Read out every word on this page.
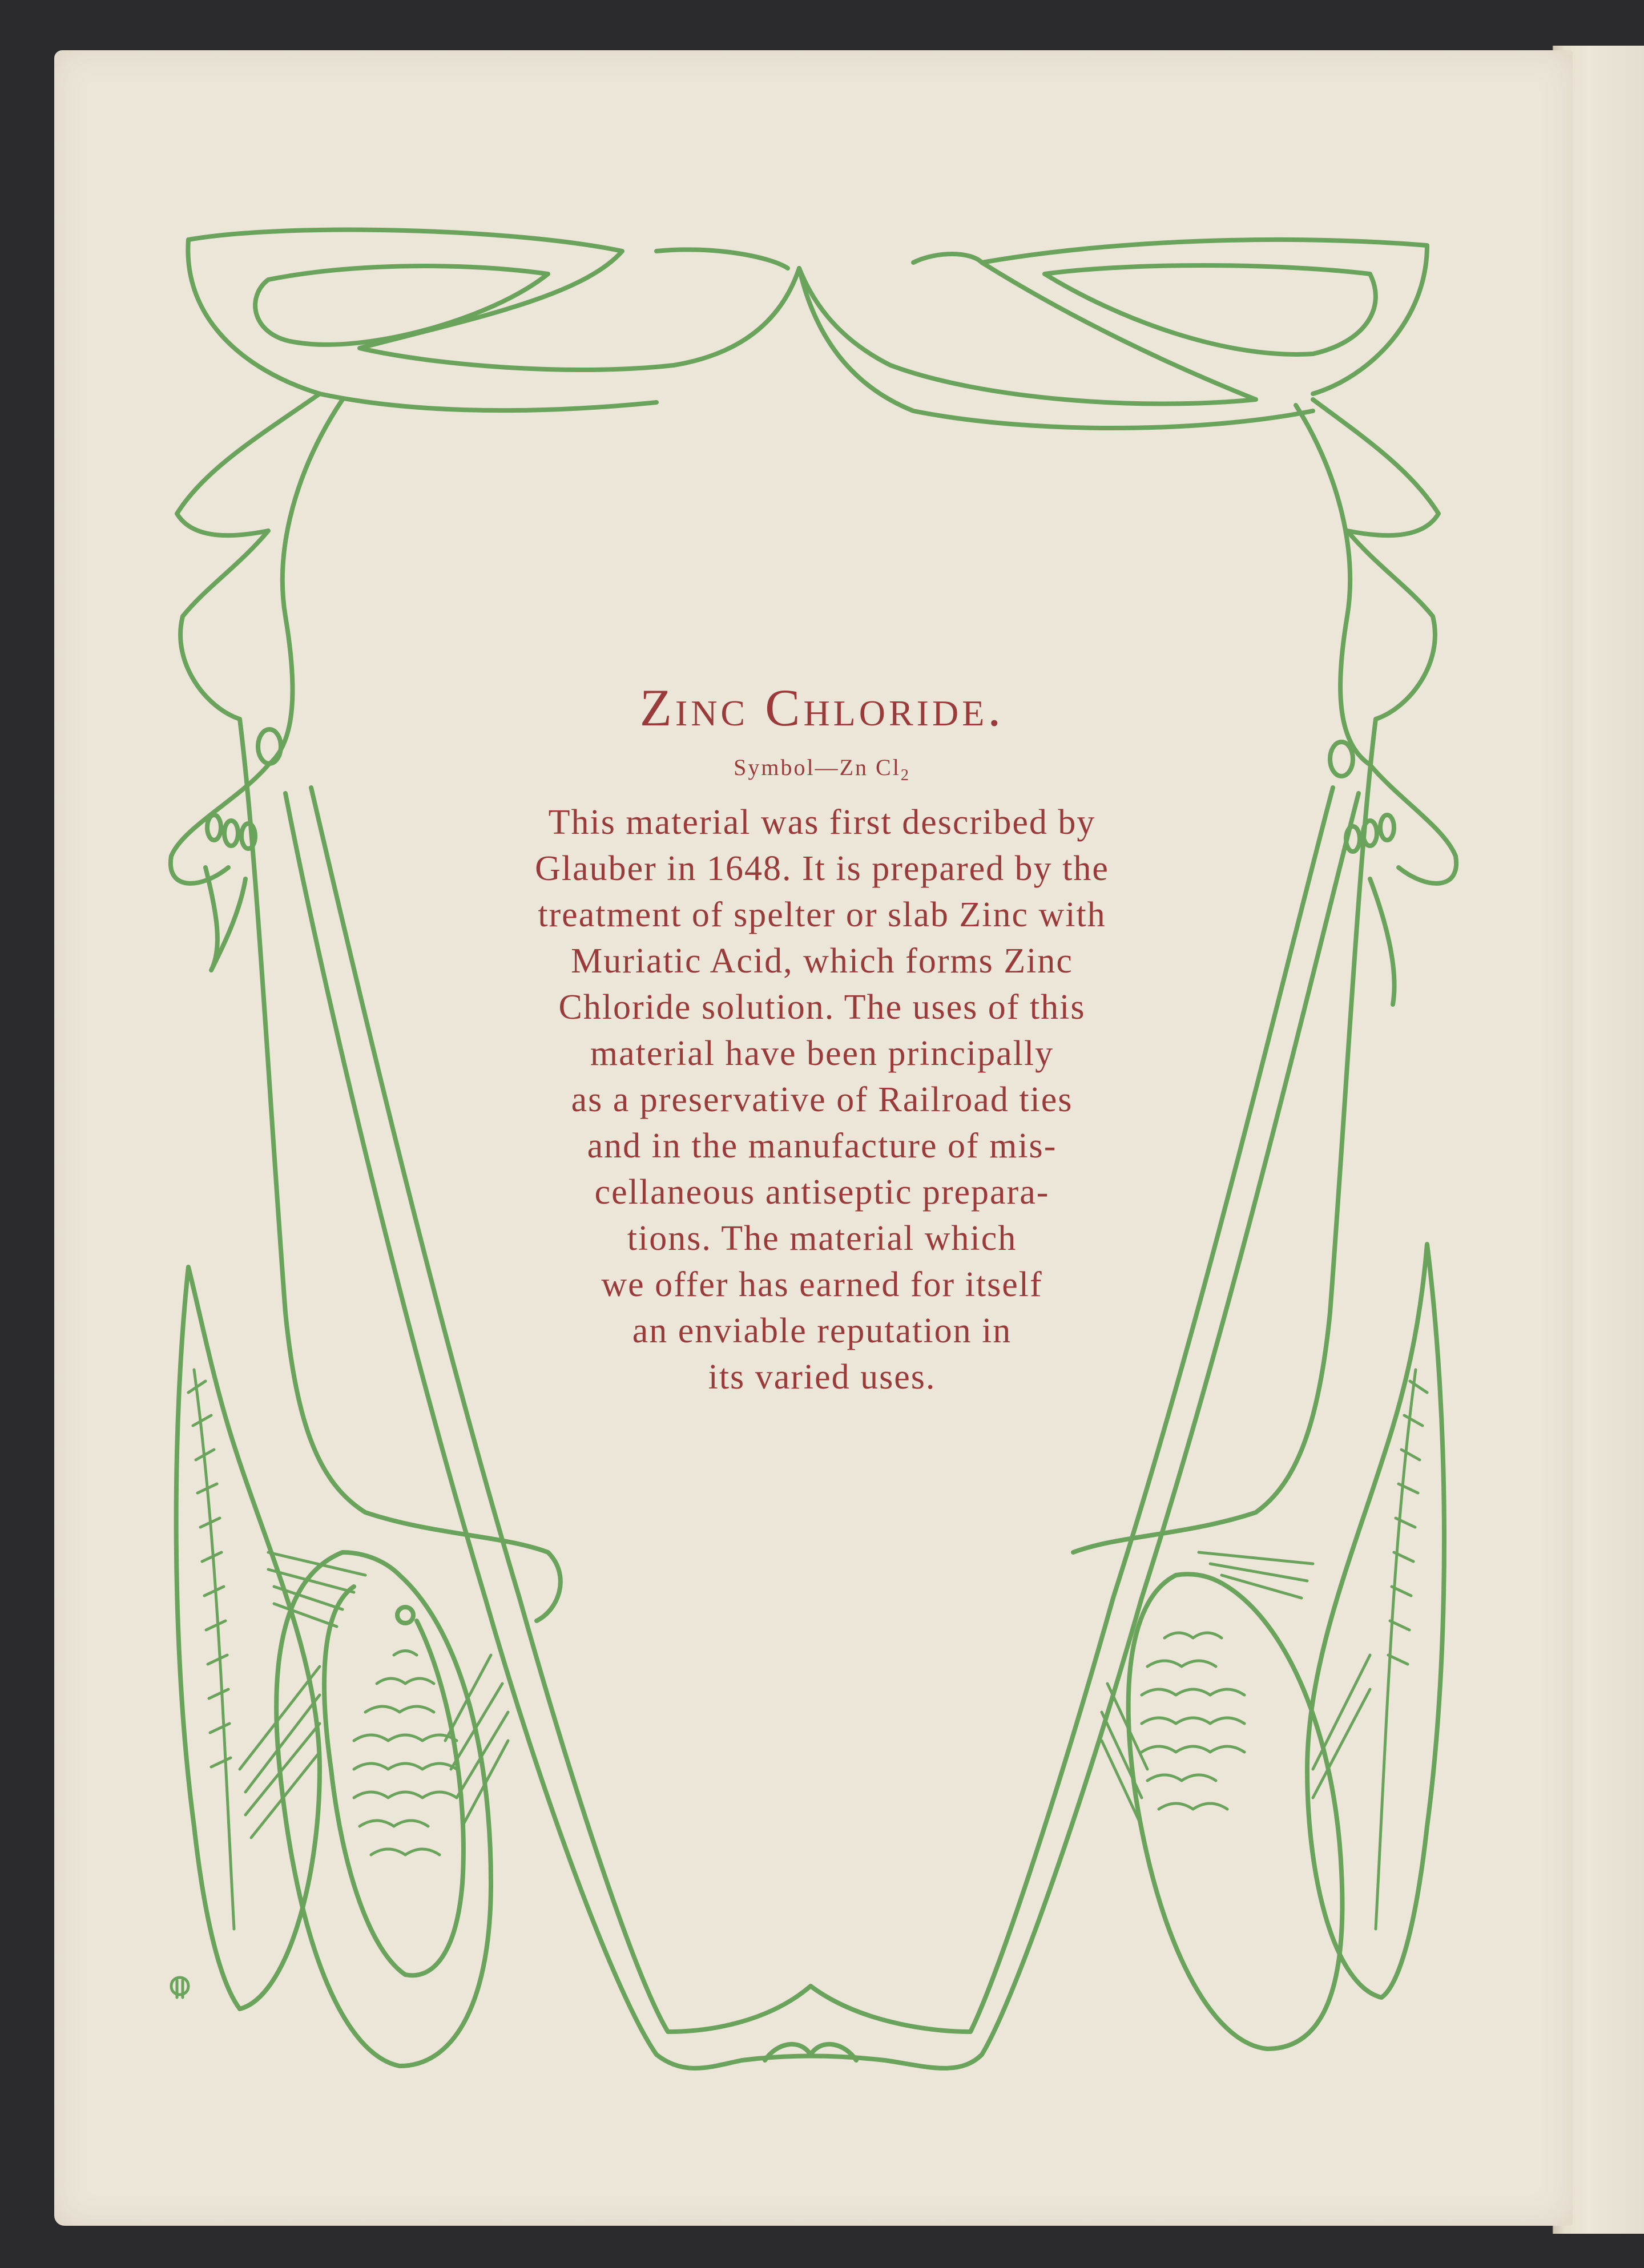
Zinc Chloride.
Symbol—Zn $Cl_2$
This material was first described by
Glauber in 1648. It is prepared by the
treatment of spelter or slab Zinc with
Muriatic Acid, which forms Zinc
Chloride solution. The uses of this
material have been principally
as a preservative of Railroad ties
and in the manufacture of mis-
cellaneous antiseptic prepara-
tions. The material which
we offer has earned for itself
an enviable reputation in
its varied uses.
